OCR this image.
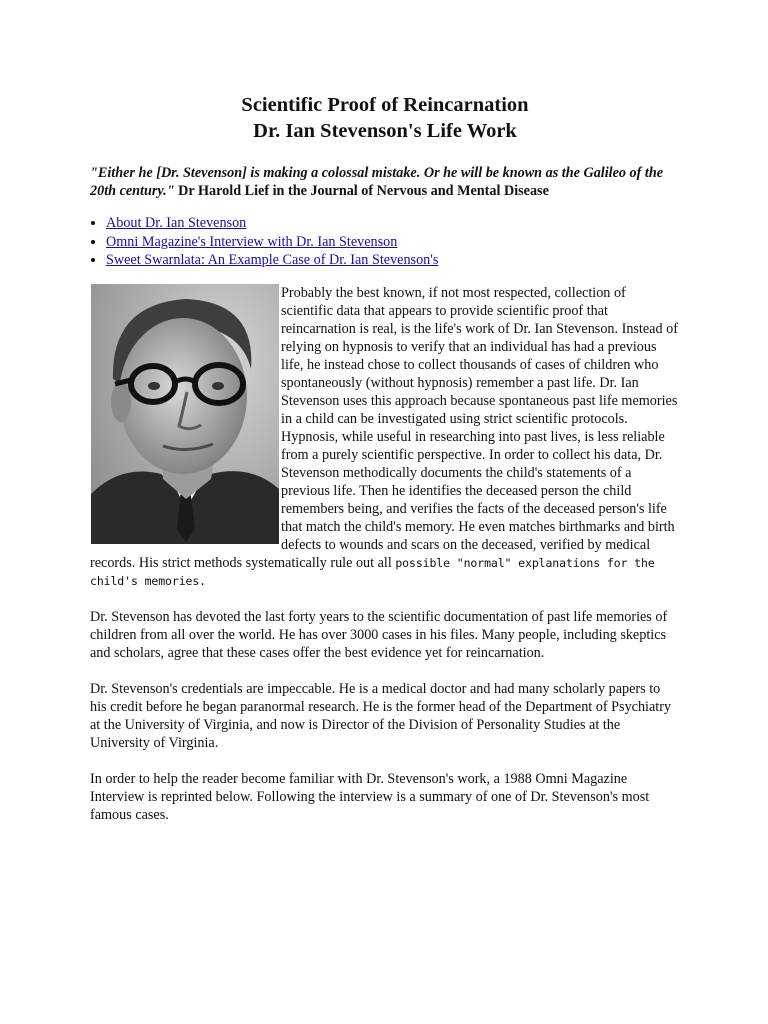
Scientific Proof of Reincarnation
Dr. Ian Stevenson's Life Work
"Either he [Dr. Stevenson] is making a colossal mistake. Or he will be known as the Galileo of the 20th century." Dr Harold Lief in the Journal of Nervous and Mental Disease
• About Dr. Ian Stevenson
• Omni Magazine's Interview with Dr. Ian Stevenson
• Sweet Swarnlata: An Example Case of Dr. Ian Stevenson's
Probably the best known, if not most respected, collection of scientific data that appears to provide scientific proof that reincarnation is real, is the life's work of Dr. Ian Stevenson. Instead of relying on hypnosis to verify that an individual has had a previous life, he instead chose to collect thousands of cases of children who spontaneously (without hypnosis) remember a past life. Dr. Ian Stevenson uses this approach because spontaneous past life memories in a child can be investigated using strict scientific protocols. Hypnosis, while useful in researching into past lives, is less reliable from a purely scientific perspective. In order to collect his data, Dr. Stevenson methodically documents the child's statements of a previous life. Then he identifies the deceased person the child remembers being, and verifies the facts of the deceased person's life that match the child's memory. He even matches birthmarks and birth defects to wounds and scars on the deceased, verified by medical records. His strict methods systematically rule out all possible "normal" explanations for the child's memories.

Dr. Stevenson has devoted the last forty years to the scientific documentation of past life memories of children from all over the world. He has over 3000 cases in his files. Many people, including skeptics and scholars, agree that these cases offer the best evidence yet for reincarnation.

Dr. Stevenson's credentials are impeccable. He is a medical doctor and had many scholarly papers to his credit before he began paranormal research. He is the former head of the Department of Psychiatry at the University of Virginia, and now is Director of the Division of Personality Studies at the University of Virginia.

In order to help the reader become familiar with Dr. Stevenson's work, a 1988 Omni Magazine Interview is reprinted below. Following the interview is a summary of one of Dr. Stevenson's most famous cases.
